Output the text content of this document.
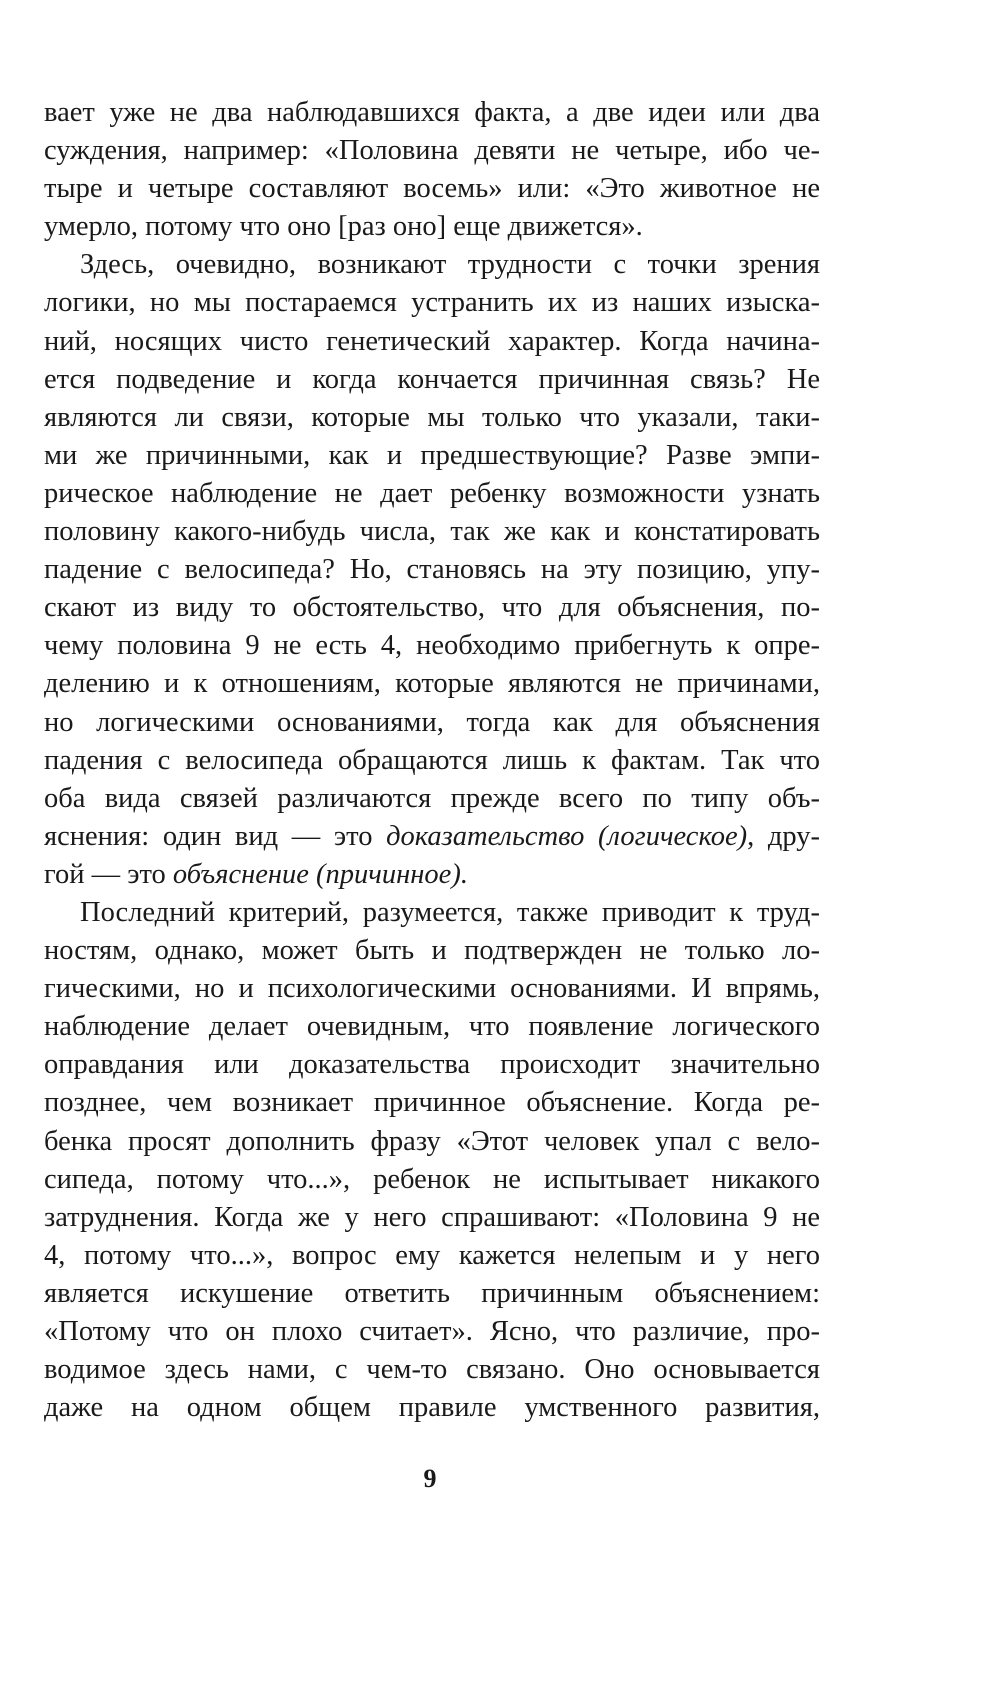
вает уже не два наблюдавшихся факта, а две идеи или два
суждения, например: «Половина девяти не четыре, ибо че-
тыре и четыре составляют восемь» или: «Это животное не
умерло, потому что оно [раз оно] еще движется».
Здесь, очевидно, возникают трудности с точки зрения
логики, но мы постараемся устранить их из наших изыска-
ний, носящих чисто генетический характер. Когда начина-
ется подведение и когда кончается причинная связь? Не
являются ли связи, которые мы только что указали, таки-
ми же причинными, как и предшествующие? Разве эмпи-
рическое наблюдение не дает ребенку возможности узнать
половину какого-нибудь числа, так же как и констатировать
падение с велосипеда? Но, становясь на эту позицию, упу-
скают из виду то обстоятельство, что для объяснения, по-
чему половина 9 не есть 4, необходимо прибегнуть к опре-
делению и к отношениям, которые являются не причинами,
но логическими основаниями, тогда как для объяснения
падения с велосипеда обращаются лишь к фактам. Так что
оба вида связей различаются прежде всего по типу объ-
яснения: один вид — это доказательство (логическое), дру-
гой — это объяснение (причинное).
Последний критерий, разумеется, также приводит к труд-
ностям, однако, может быть и подтвержден не только ло-
гическими, но и психологическими основаниями. И впрямь,
наблюдение делает очевидным, что появление логического
оправдания или доказательства происходит значительно
позднее, чем возникает причинное объяснение. Когда ре-
бенка просят дополнить фразу «Этот человек упал с вело-
сипеда, потому что...», ребенок не испытывает никакого
затруднения. Когда же у него спрашивают: «Половина 9 не
4, потому что...», вопрос ему кажется нелепым и у него
является искушение ответить причинным объяснением:
«Потому что он плохо считает». Ясно, что различие, про-
водимое здесь нами, с чем-то связано. Оно основывается
даже на одном общем правиле умственного развития,
9
